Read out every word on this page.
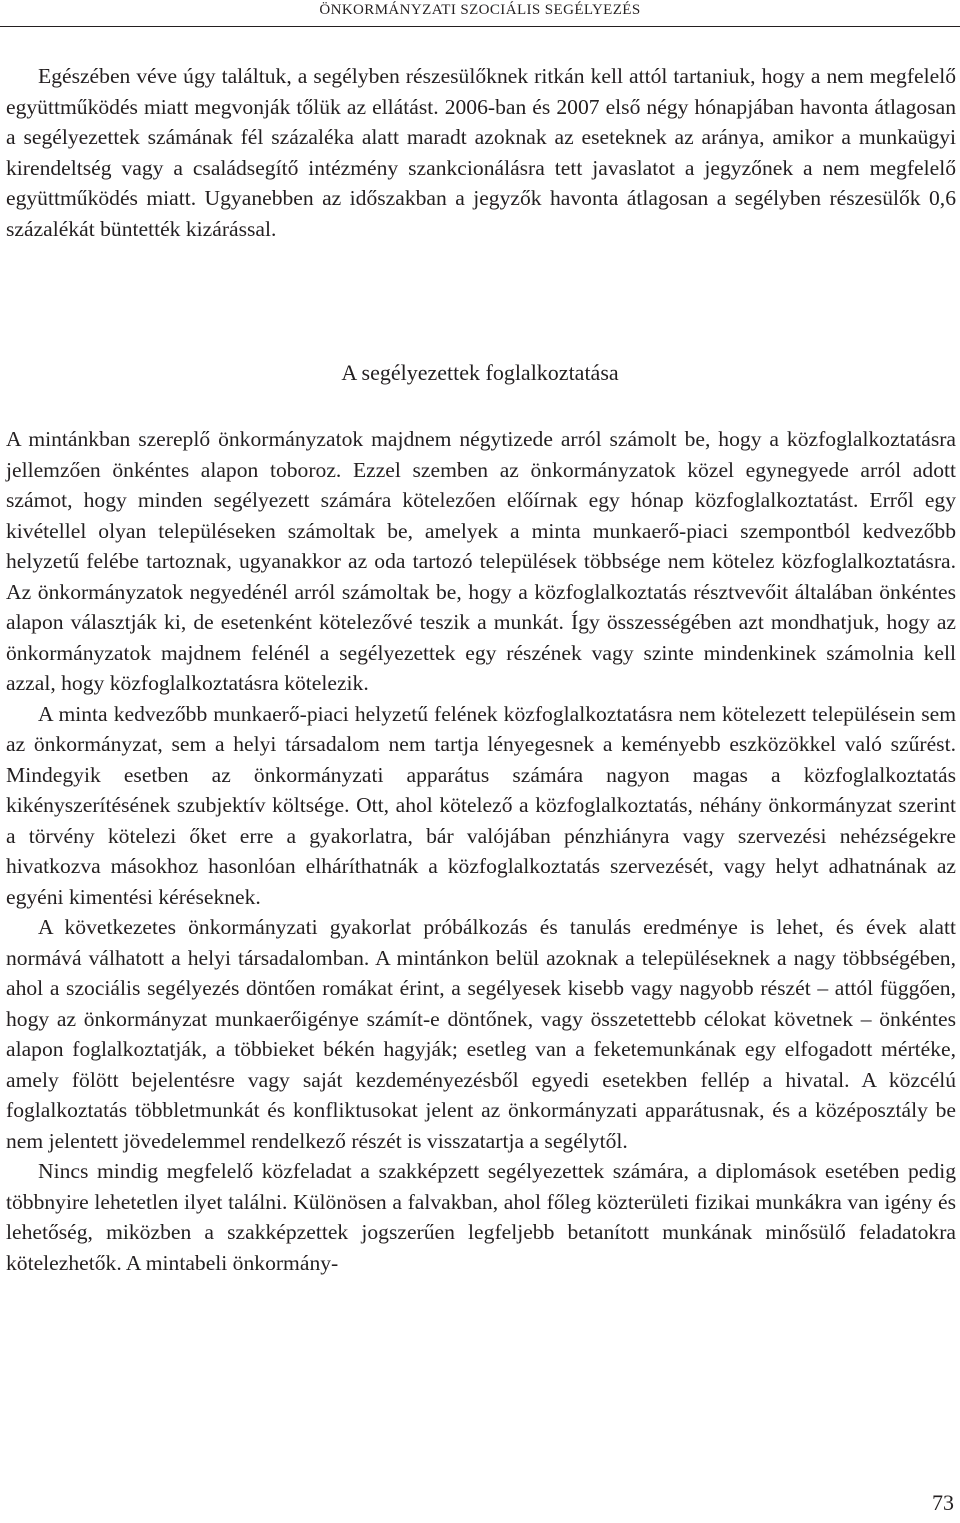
ÖNKORMÁNYZATI SZOCIÁLIS SEGÉLYEZÉS

Egészében véve úgy találtuk, a segélyben részesülőknek ritkán kell attól tartaniuk, hogy a nem megfelelő együttműködés miatt megvonják tőlük az ellátást. 2006-ban és 2007 első négy hónapjában havonta átlagosan a segélyezettek számának fél százaléka alatt maradt azoknak az eseteknek az aránya, amikor a munkaügyi kirendeltség vagy a családsegítő intézmény szankcionálásra tett javaslatot a jegyzőnek a nem megfelelő együttműködés miatt. Ugyanebben az időszakban a jegyzők havonta átlagosan a segélyben részesülők 0,6 százalékát büntették kizárással.

A segélyezettek foglalkoztatása

A mintánkban szereplő önkormányzatok majdnem négytizede arról számolt be, hogy a közfoglalkoztatásra jellemzően önkéntes alapon toboroz. Ezzel szemben az önkormányzatok közel egynegyede arról adott számot, hogy minden segélyezett számára kötelezően előírnak egy hónap közfoglalkoztatást. Erről egy kivétellel olyan településeken számoltak be, amelyek a minta munkaerő-piaci szempontból kedvezőbb helyzetű felébe tartoznak, ugyanakkor az oda tartozó települések többsége nem kötelez közfoglalkoztatásra. Az önkormányzatok negyedénél arról számoltak be, hogy a közfoglalkoztatás résztvevőit általában önkéntes alapon választják ki, de esetenként kötelezővé teszik a munkát. Így összességében azt mondhatjuk, hogy az önkormányzatok majdnem felénél a segélyezettek egy részének vagy szinte mindenkinek számolnia kell azzal, hogy közfoglalkoztatásra kötelezik.

A minta kedvezőbb munkaerő-piaci helyzetű felének közfoglalkoztatásra nem kötelezett településein sem az önkormányzat, sem a helyi társadalom nem tartja lényegesnek a keményebb eszközökkel való szűrést. Mindegyik esetben az önkormányzati apparátus számára nagyon magas a közfoglalkoztatás kikényszerítésének szubjektív költsége. Ott, ahol kötelező a közfoglalkoztatás, néhány önkormányzat szerint a törvény kötelezi őket erre a gyakorlatra, bár valójában pénzhiányra vagy szervezési nehézségekre hivatkozva másokhoz hasonlóan elháríthatnák a közfoglalkoztatás szervezését, vagy helyt adhatnának az egyéni kimentési kéréseknek.

A következetes önkormányzati gyakorlat próbálkozás és tanulás eredménye is lehet, és évek alatt normává válhatott a helyi társadalomban. A mintánkon belül azoknak a településeknek a nagy többségében, ahol a szociális segélyezés döntően romákat érint, a segélyesek kisebb vagy nagyobb részét – attól függően, hogy az önkormányzat munkaerőigénye számít-e döntőnek, vagy összetettebb célokat követnek – önkéntes alapon foglalkoztatják, a többieket békén hagyják; esetleg van a feketemunkának egy elfogadott mértéke, amely fölött bejelentésre vagy saját kezdeményezésből egyedi esetekben fellép a hivatal. A közcélú foglalkoztatás többletmunkát és konfliktusokat jelent az önkormányzati apparátusnak, és a középosztály be nem jelentett jövedelemmel rendelkező részét is visszatartja a segélytől.

Nincs mindig megfelelő közfeladat a szakképzett segélyezettek számára, a diplomások esetében pedig többnyire lehetetlen ilyet találni. Különösen a falvakban, ahol főleg közterületi fizikai munkákra van igény és lehetőség, miközben a szakképzettek jogszerűen legfeljebb betanított munkának minősülő feladatokra kötelezhetők. A mintabeli önkormány-

73
